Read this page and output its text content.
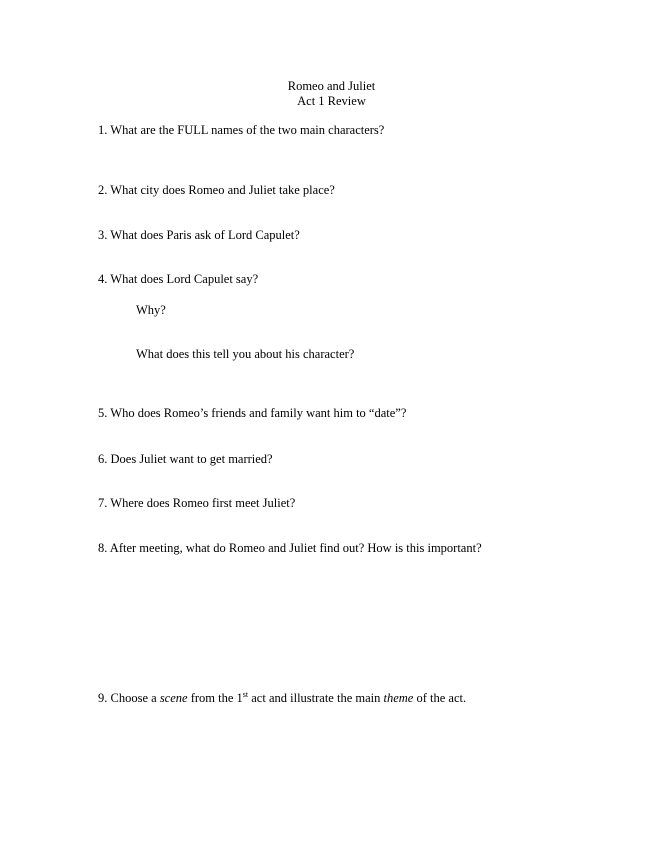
Romeo and Juliet
Act 1 Review
1. What are the FULL names of the two main characters?
2. What city does Romeo and Juliet take place?
3. What does Paris ask of Lord Capulet?
4. What does Lord Capulet say?
Why?
What does this tell you about his character?
5. Who does Romeo’s friends and family want him to “date”?
6. Does Juliet want to get married?
7. Where does Romeo first meet Juliet?
8. After meeting, what do Romeo and Juliet find out? How is this important?
9. Choose a scene from the 1st act and illustrate the main theme of the act.
